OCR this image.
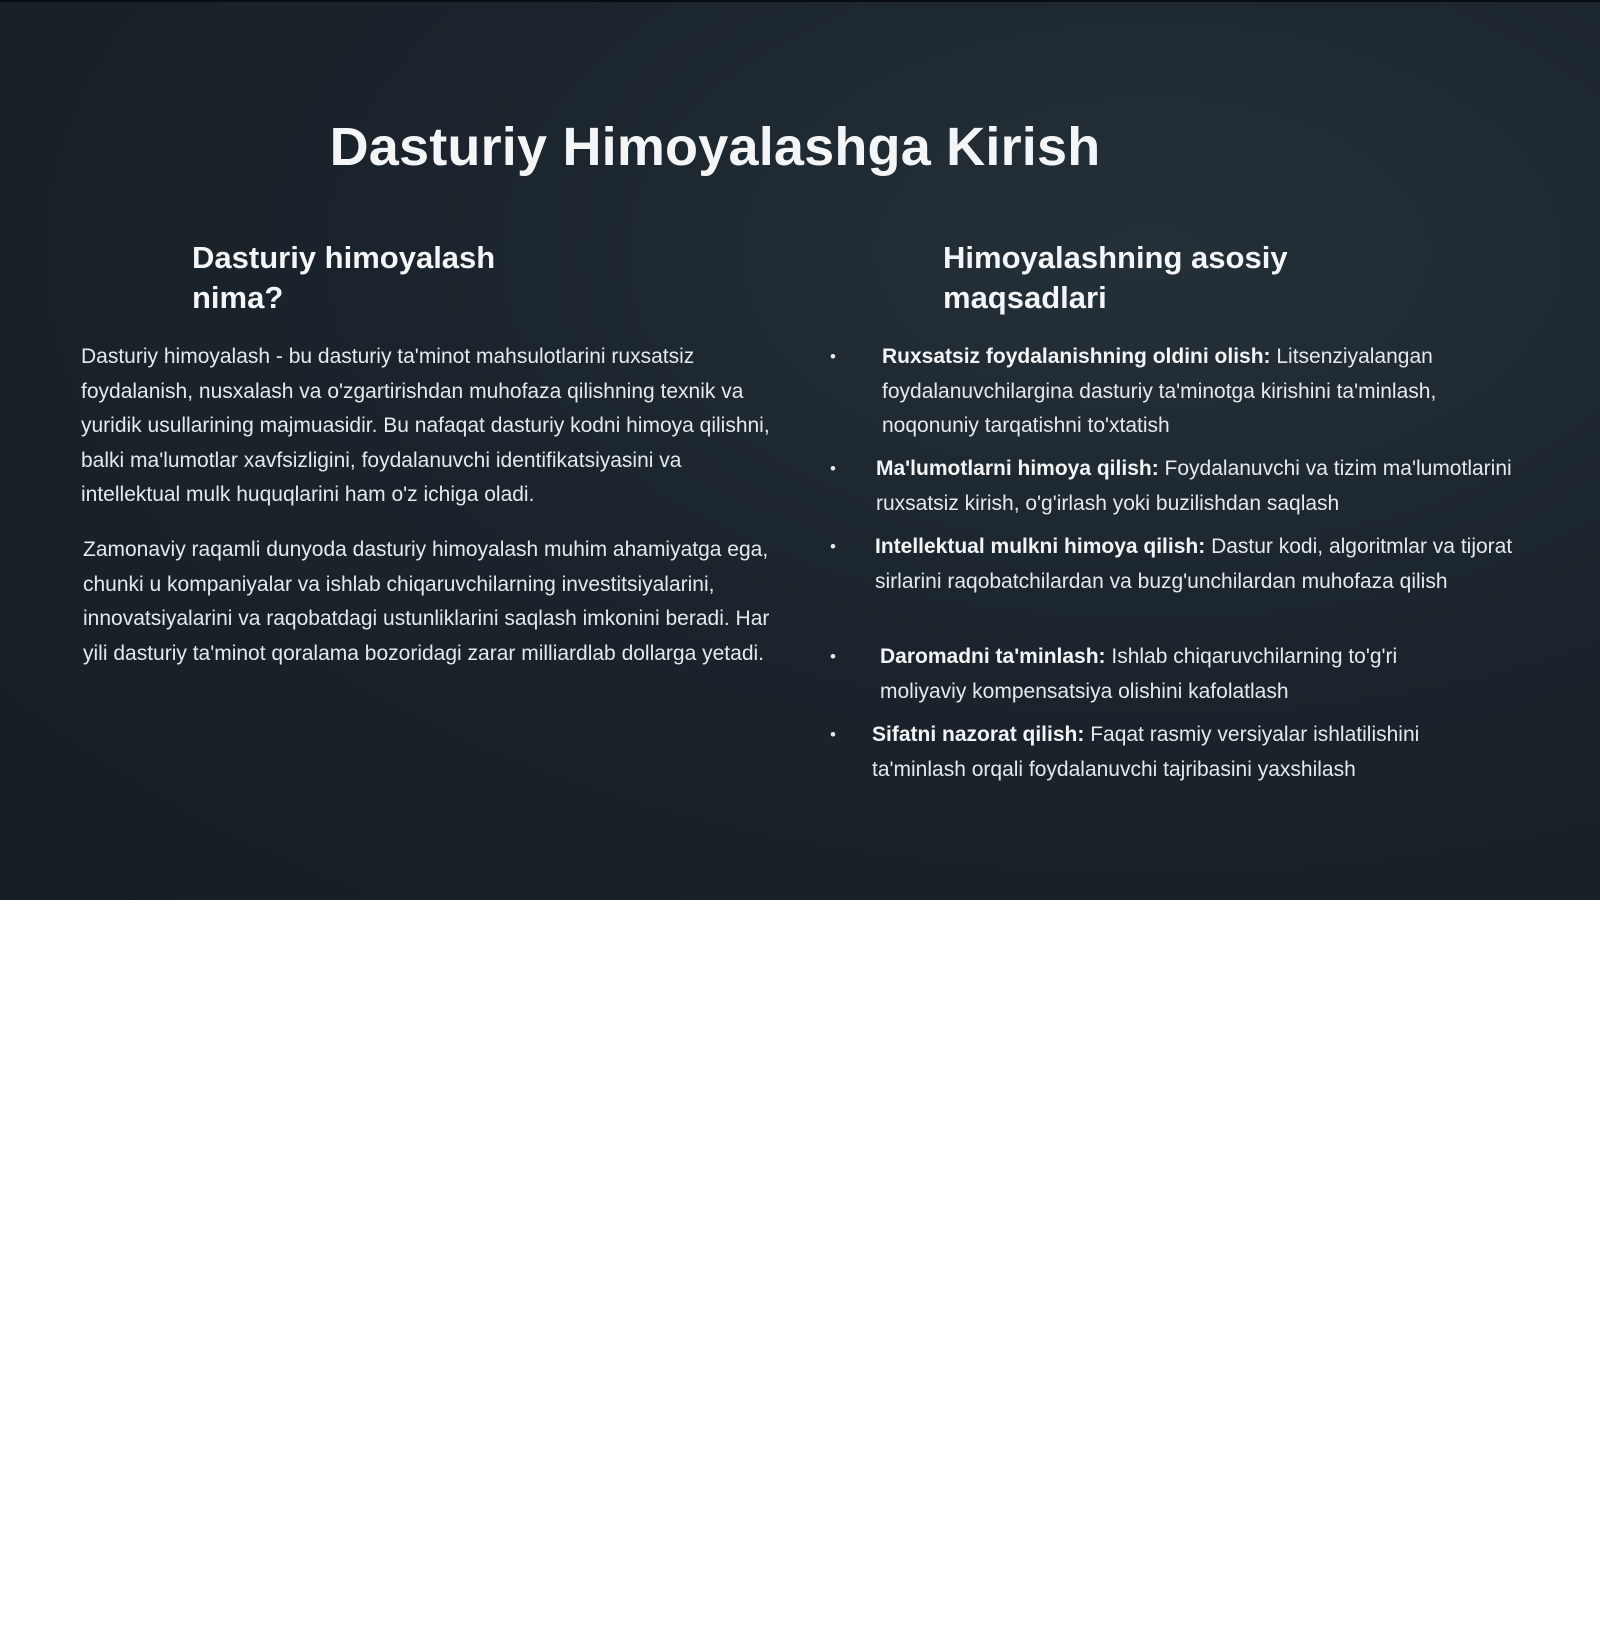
Dasturiy Himoyalashga Kirish
Dasturiy himoyalash nima?

Dasturiy himoyalash - bu dasturiy ta'minot mahsulotlarini ruxsatsiz foydalanish, nusxalash va o'zgartirishdan muhofaza qilishning texnik va yuridik usullarining majmuasidir. Bu nafaqat dasturiy kodni himoya qilishni, balki ma'lumotlar xavfsizligini, foydalanuvchi identifikatsiyasini va intellektual mulk huquqlarini ham o'z ichiga oladi.

Zamonaviy raqamli dunyoda dasturiy himoyalash muhim ahamiyatga ega, chunki u kompaniyalar va ishlab chiqaruvchilarning investitsiyalarini, innovatsiyalarini va raqobatdagi ustunliklarini saqlash imkonini beradi. Har yili dasturiy ta'minot qoralama bozoridagi zarar milliardlab dollarga yetadi.

Himoyalashning asosiy maqsadlari
• Ruxsatsiz foydalanishning oldini olish: Litsenziyalangan foydalanuvchilargina dasturiy ta'minotga kirishini ta'minlash, noqonuniy tarqatishni to'xtatish
• Ma'lumotlarni himoya qilish: Foydalanuvchi va tizim ma'lumotlarini ruxsatsiz kirish, o'g'irlash yoki buzilishdan saqlash
• Intellektual mulkni himoya qilish: Dastur kodi, algoritmlar va tijorat sirlarini raqobatchilardan va buzg'unchilardan muhofaza qilish
• Daromadni ta'minlash: Ishlab chiqaruvchilarning to'g'ri moliyaviy kompensatsiya olishini kafolatlash
• Sifatni nazorat qilish: Faqat rasmiy versiyalar ishlatilishini ta'minlash orqali foydalanuvchi tajribasini yaxshilash
